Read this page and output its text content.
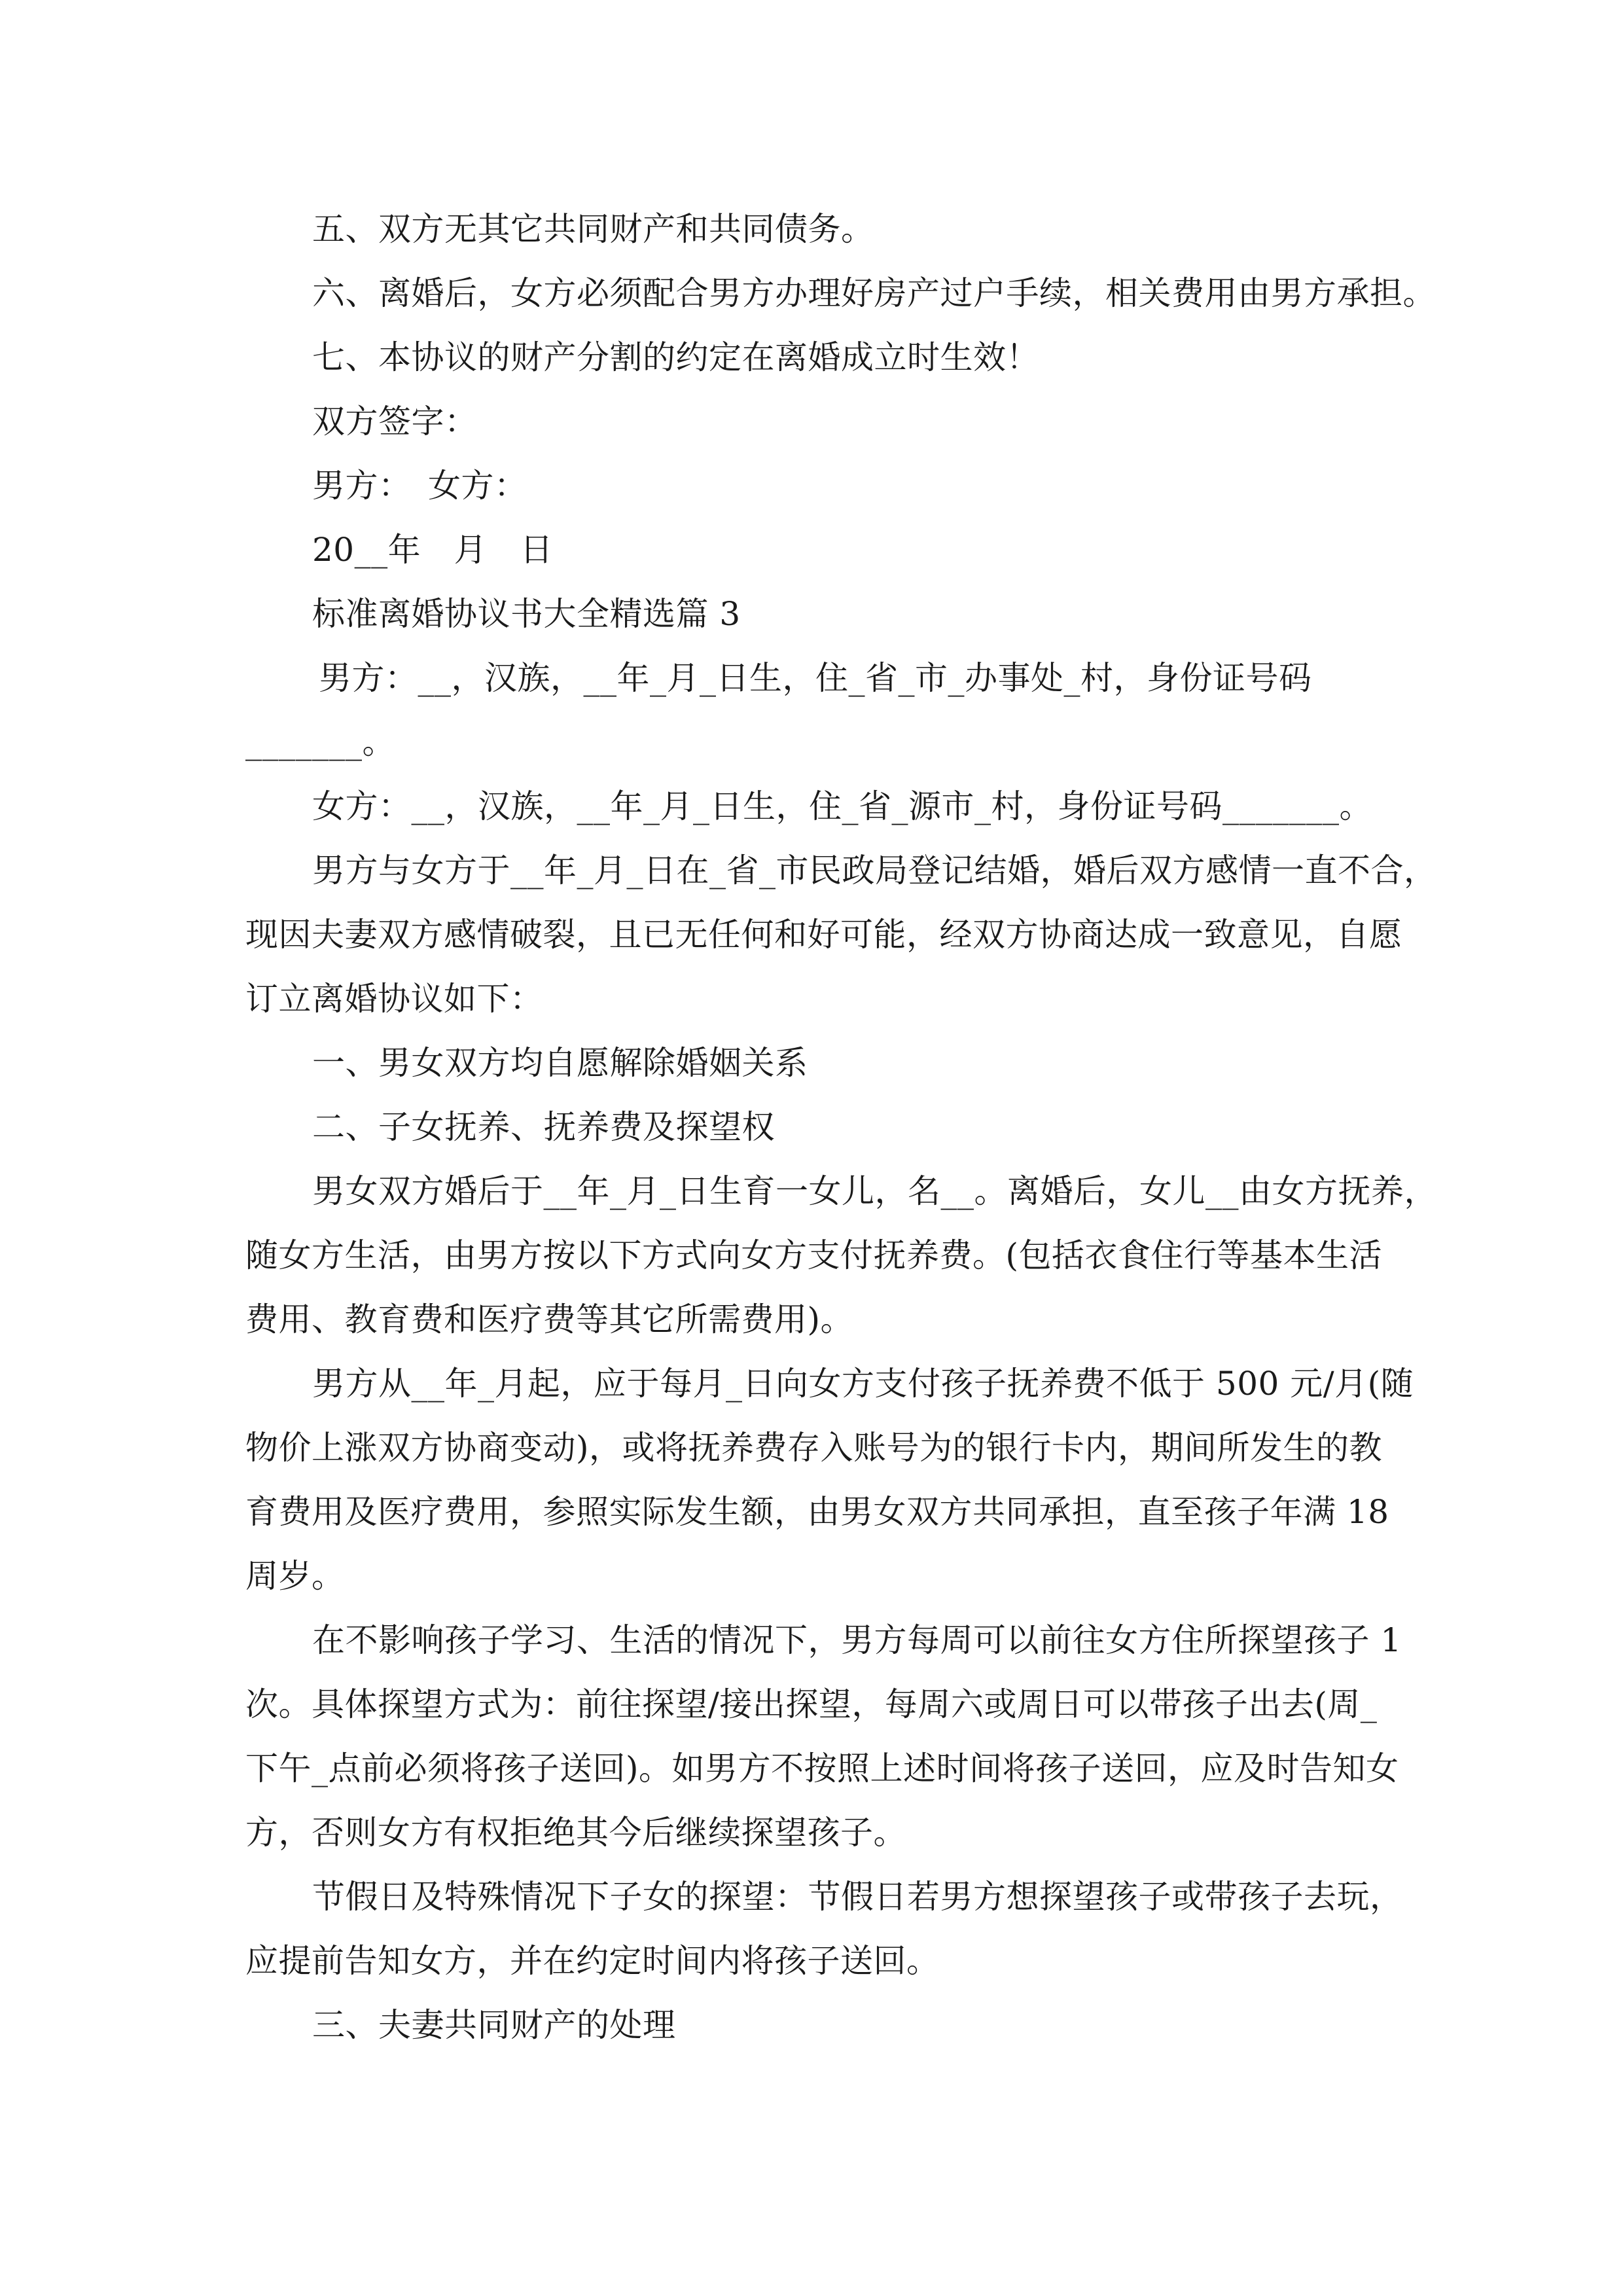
五、双方无其它共同财产和共同债务。
六、离婚后，女方必须配合男方办理好房产过户手续，相关费用由男方承担。
七、本协议的财产分割的约定在离婚成立时生效！
双方签字：
男方：　女方：
20__年　月　日
标准离婚协议书大全精选篇 3
男方：__，汉族，__年_月_日生，住_省_市_办事处_村，身份证号码
_______。
女方：__，汉族，__年_月_日生，住_省_源市_村，身份证号码_______。
男方与女方于__年_月_日在_省_市民政局登记结婚，婚后双方感情一直不合，
现因夫妻双方感情破裂，且已无任何和好可能，经双方协商达成一致意见，自愿
订立离婚协议如下：
一、男女双方均自愿解除婚姻关系
二、子女抚养、抚养费及探望权
男女双方婚后于__年_月_日生育一女儿，名__。离婚后，女儿__由女方抚养，
随女方生活，由男方按以下方式向女方支付抚养费。(包括衣食住行等基本生活
费用、教育费和医疗费等其它所需费用)。
男方从__年_月起，应于每月_日向女方支付孩子抚养费不低于 500 元/月(随
物价上涨双方协商变动)，或将抚养费存入账号为的银行卡内，期间所发生的教
育费用及医疗费用，参照实际发生额，由男女双方共同承担，直至孩子年满 18
周岁。
在不影响孩子学习、生活的情况下，男方每周可以前往女方住所探望孩子 1
次。具体探望方式为：前往探望/接出探望，每周六或周日可以带孩子出去(周_
下午_点前必须将孩子送回)。如男方不按照上述时间将孩子送回，应及时告知女
方，否则女方有权拒绝其今后继续探望孩子。
节假日及特殊情况下子女的探望：节假日若男方想探望孩子或带孩子去玩，
应提前告知女方，并在约定时间内将孩子送回。
三、夫妻共同财产的处理
